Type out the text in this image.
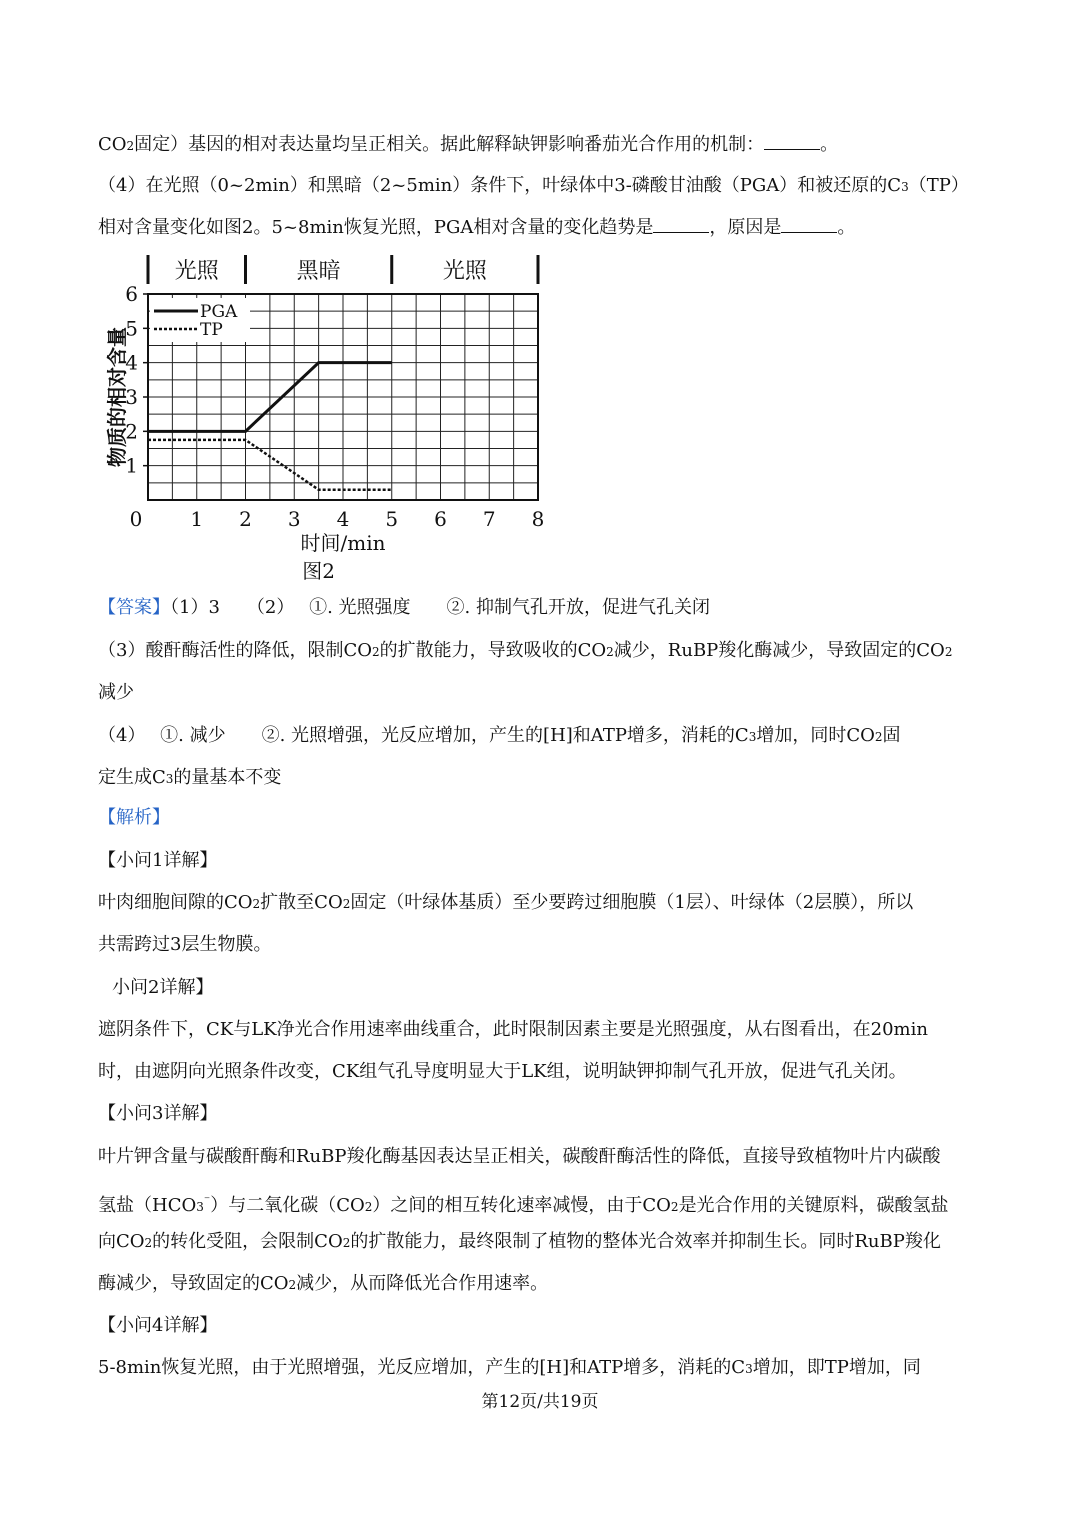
CO2固定）基因的相对表达量均呈正相关。据此解释缺钾影响番茄光合作用的机制：	。
（4）在光照（0~2min）和黑暗（2~5min）条件下，叶绿体中3-磷酸甘油酸（PGA）和被还原的C3（TP）
相对含量变化如图2。5~8min恢复光照，PGA相对含量的变化趋势是	，原因是	。
光照	黑暗	光照
0 1 2 3 4 5 6 7 8
1
2
3
4
5
6
时间/min
物质的相对含量
图2
PGA
TP
【答案】（1）3　　（2）　 ①. 光照强度　　②. 抑制气孔开放，促进气孔关闭
（3）酸酐酶活性的降低，限制CO2的扩散能力，导致吸收的CO2减少，RuBP羧化酶减少，导致固定的CO2
减少
（4）　 ①. 减少　　②. 光照增强，光反应增加，产生的[H]和ATP增多，消耗的C3增加，同时CO2固
定生成C3的量基本不变
【解析】
【小问1详解】
叶肉细胞间隙的CO2扩散至CO2固定（叶绿体基质）至少要跨过细胞膜（1层）、叶绿体（2层膜），所以
共需跨过3层生物膜。
小问2详解】
遮阴条件下，CK与LK净光合作用速率曲线重合，此时限制因素主要是光照强度，从右图看出，在20min
时，由遮阴向光照条件改变，CK组气孔导度明显大于LK组，说明缺钾抑制气孔开放，促进气孔关闭。
【小问3详解】
叶片钾含量与碳酸酐酶和RuBP羧化酶基因表达呈正相关，碳酸酐酶活性的降低，直接导致植物叶片内碳酸
氢盐（HCO3⁻）与二氧化碳（CO2）之间的相互转化速率减慢，由于CO2是光合作用的关键原料，碳酸氢盐
向CO2的转化受阻，会限制CO2的扩散能力，最终限制了植物的整体光合效率并抑制生长。同时RuBP羧化
酶减少，导致固定的CO2减少，从而降低光合作用速率。
【小问4详解】
5-8min恢复光照，由于光照增强，光反应增加，产生的[H]和ATP增多，消耗的C3增加，即TP增加，同
第12页/共19页
